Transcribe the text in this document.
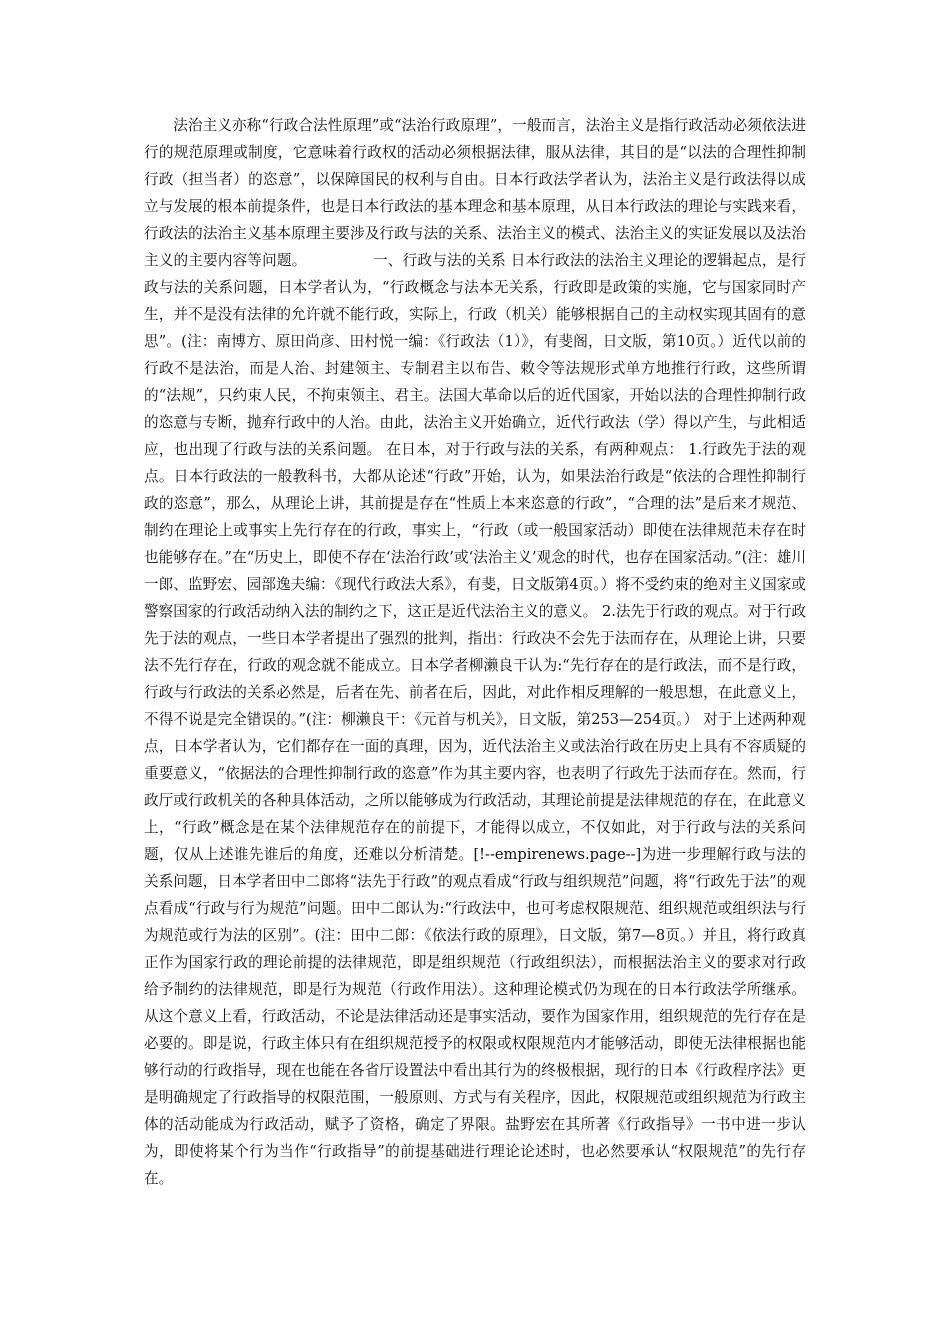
法治主义亦称“行政合法性原理”或“法治行政原理”，一般而言，法治主义是指行政活动必须依法进行的规范原理或制度，它意味着行政权的活动必须根据法律，服从法律，其目的是“以法的合理性抑制行政（担当者）的恣意”，以保障国民的权利与自由。日本行政法学者认为，法治主义是行政法得以成立与发展的根本前提条件，也是日本行政法的基本理念和基本原理，从日本行政法的理论与实践来看，行政法的法治主义基本原理主要涉及行政与法的关系、法治主义的模式、法治主义的实证发展以及法治主义的主要内容等问题。　　　　　一、行政与法的关系 日本行政法的法治主义理论的逻辑起点，是行政与法的关系问题，日本学者认为，“行政概念与法本无关系，行政即是政策的实施，它与国家同时产生，并不是没有法律的允许就不能行政，实际上，行政（机关）能够根据自己的主动权实现其固有的意思”。(注：南博方、原田尚彦、田村悦一编：《行政法（1）》，有斐阁，日文版，第10页。）近代以前的行政不是法治，而是人治、封建领主、专制君主以布告、敕令等法规形式单方地推行行政，这些所谓的“法规”，只约束人民，不拘束领主、君主。法国大革命以后的近代国家，开始以法的合理性抑制行政的恣意与专断，抛弃行政中的人治。由此，法治主义开始确立，近代行政法（学）得以产生，与此相适应，也出现了行政与法的关系问题。 在日本，对于行政与法的关系，有两种观点： 1.行政先于法的观点。日本行政法的一般教科书，大都从论述“行政”开始，认为，如果法治行政是“依法的合理性抑制行政的恣意”，那么，从理论上讲，其前提是存在“性质上本来恣意的行政”，“合理的法”是后来才规范、制约在理论上或事实上先行存在的行政，事实上，“行政（或一般国家活动）即使在法律规范未存在时也能够存在。”在“历史上，即使不存在‘法治行政’或‘法治主义’观念的时代，也存在国家活动。”(注：雄川一郎、监野宏、园部逸夫编：《现代行政法大系》，有斐，日文版第4页。）将不受约束的绝对主义国家或警察国家的行政活动纳入法的制约之下，这正是近代法治主义的意义。 2.法先于行政的观点。对于行政先于法的观点，一些日本学者提出了强烈的批判，指出：行政决不会先于法而存在，从理论上讲，只要法不先行存在，行政的观念就不能成立。日本学者柳濑良干认为:“先行存在的是行政法，而不是行政，行政与行政法的关系必然是，后者在先、前者在后，因此，对此作相反理解的一般思想，在此意义上，不得不说是完全错误的。”(注：柳濑良干：《元首与机关》，日文版，第253—254页。） 对于上述两种观点，日本学者认为，它们都存在一面的真理，因为，近代法治主义或法治行政在历史上具有不容质疑的重要意义，“依据法的合理性抑制行政的恣意”作为其主要内容，也表明了行政先于法而存在。然而，行政厅或行政机关的各种具体活动，之所以能够成为行政活动，其理论前提是法律规范的存在，在此意义上，“行政”概念是在某个法律规范存在的前提下，才能得以成立，不仅如此，对于行政与法的关系问题，仅从上述谁先谁后的角度，还难以分析清楚。[!--empirenews.page--]为进一步理解行政与法的关系问题，日本学者田中二郎将“法先于行政”的观点看成“行政与组织规范”问题，将“行政先于法”的观点看成“行政与行为规范”问题。田中二郎认为:“行政法中，也可考虑权限规范、组织规范或组织法与行为规范或行为法的区别”。(注：田中二郎：《依法行政的原理》，日文版，第7—8页。）并且，将行政真正作为国家行政的理论前提的法律规范，即是组织规范（行政组织法），而根据法治主义的要求对行政给予制约的法律规范，即是行为规范（行政作用法）。这种理论模式仍为现在的日本行政法学所继承。从这个意义上看，行政活动，不论是法律活动还是事实活动，要作为国家作用，组织规范的先行存在是必要的。即是说，行政主体只有在组织规范授予的权限或权限规范内才能够活动，即使无法律根据也能够行动的行政指导，现在也能在各省厅设置法中看出其行为的终极根据，现行的日本《行政程序法》更是明确规定了行政指导的权限范围，一般原则、方式与有关程序，因此，权限规范或组织规范为行政主体的活动能成为行政活动，赋予了资格，确定了界限。盐野宏在其所著《行政指导》一书中进一步认为，即使将某个行为当作“行政指导”的前提基础进行理论论述时，也必然要承认“权限规范”的先行存在。
